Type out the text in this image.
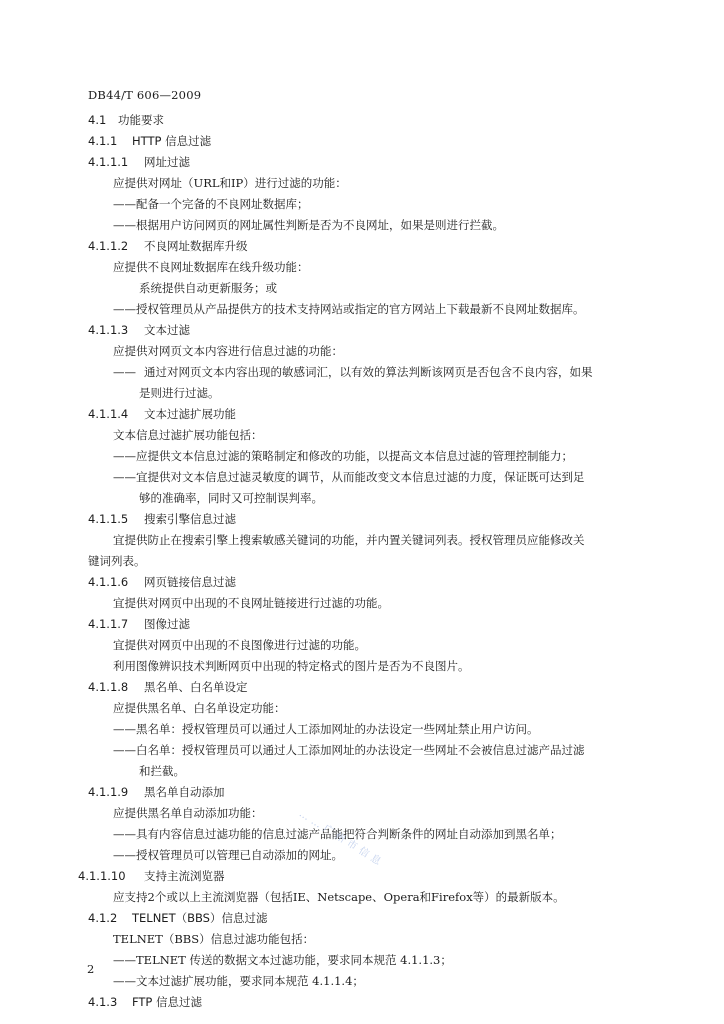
DB44/T 606—2009
4.1 功能要求
4.1.1 HTTP 信息过滤
4.1.1.1 网址过滤
应提供对网址（URL和IP）进行过滤的功能：
——配备一个完备的不良网址数据库；
——根据用户访问网页的网址属性判断是否为不良网址，如果是则进行拦截。
4.1.1.2 不良网址数据库升级
应提供不良网址数据库在线升级功能：
系统提供自动更新服务；或
——授权管理员从产品提供方的技术支持网站或指定的官方网站上下载最新不良网址数据库。
4.1.1.3 文本过滤
应提供对网页文本内容进行信息过滤的功能：
—— 通过对网页文本内容出现的敏感词汇，以有效的算法判断该网页是否包含不良内容，如果
是则进行过滤。
4.1.1.4 文本过滤扩展功能
文本信息过滤扩展功能包括：
——应提供文本信息过滤的策略制定和修改的功能，以提高文本信息过滤的管理控制能力；
——宜提供对文本信息过滤灵敏度的调节，从而能改变文本信息过滤的力度，保证既可达到足
够的准确率，同时又可控制误判率。
4.1.1.5 搜索引擎信息过滤
宜提供防止在搜索引擎上搜索敏感关键词的功能，并内置关键词列表。授权管理员应能修改关
键词列表。
4.1.1.6 网页链接信息过滤
宜提供对网页中出现的不良网址链接进行过滤的功能。
4.1.1.7 图像过滤
宜提供对网页中出现的不良图像进行过滤的功能。
利用图像辨识技术判断网页中出现的特定格式的图片是否为不良图片。
4.1.1.8 黑名单、白名单设定
应提供黑名单、白名单设定功能：
——黑名单：授权管理员可以通过人工添加网址的办法设定一些网址禁止用户访问。
——白名单：授权管理员可以通过人工添加网址的办法设定一些网址不会被信息过滤产品过滤
和拦截。
4.1.1.9 黑名单自动添加
应提供黑名单自动添加功能：
——具有内容信息过滤功能的信息过滤产品能把符合判断条件的网址自动添加到黑名单；
——授权管理员可以管理已自动添加的网址。
4.1.1.10 支持主流浏览器
应支持2个或以上主流浏览器（包括IE、Netscape、Opera和Firefox等）的最新版本。
4.1.2 TELNET（BBS）信息过滤
TELNET（BBS）信息过滤功能包括：
——TELNET 传送的数据文本过滤功能，要求同本规范 4.1.1.3；
——文本过滤扩展功能，要求同本规范 4.1.1.4；
4.1.3 FTP 信息过滤
……广州市信息
2
